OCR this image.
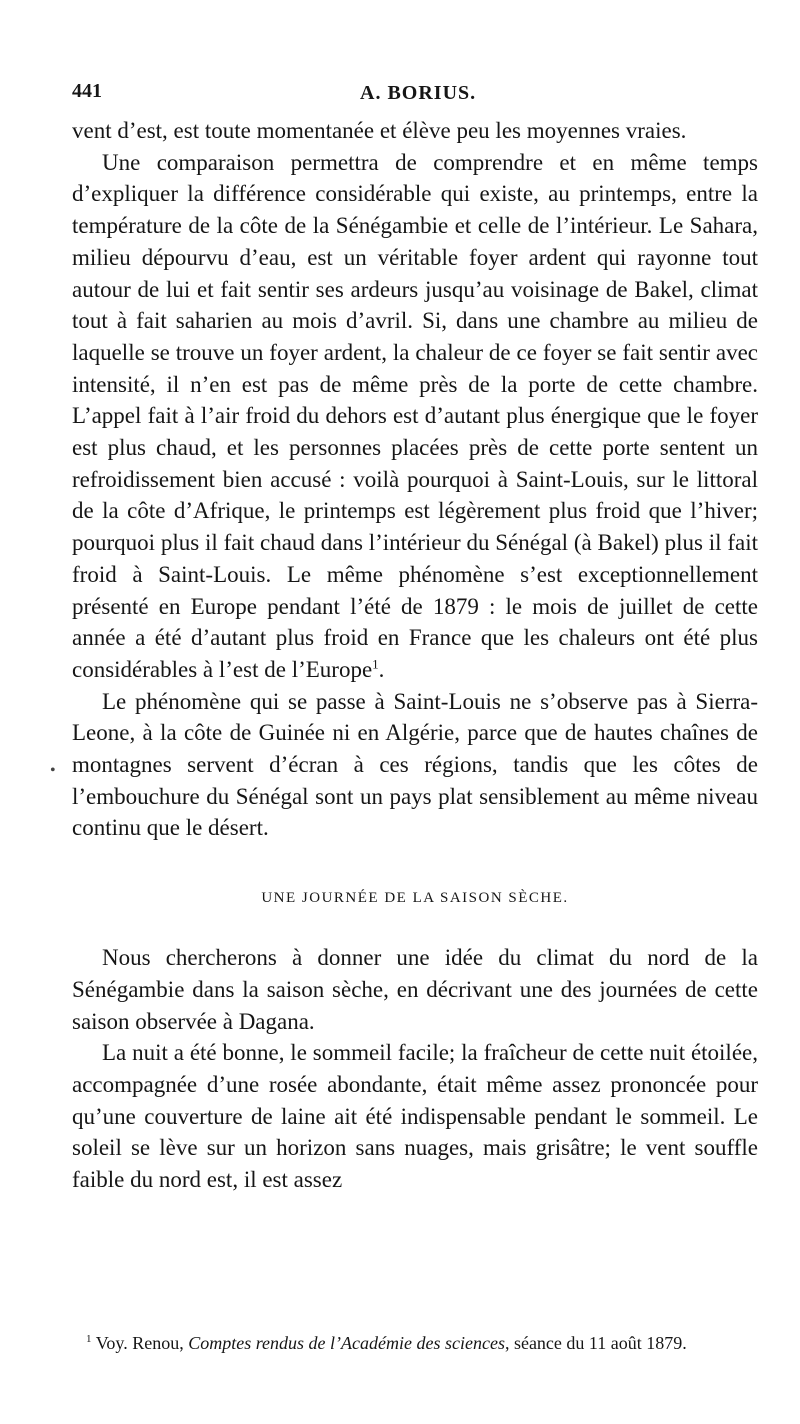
441	A. BORIUS.
•

vent d’est, est toute momentanée et élève peu les moyennes vraies.

Une comparaison permettra de comprendre et en même temps d’expliquer la différence considérable qui existe, au printemps, entre la température de la côte de la Sénégambie et celle de l’intérieur. Le Sahara, milieu dépourvu d’eau, est un véritable foyer ardent qui rayonne tout autour de lui et fait sentir ses ardeurs jusqu’au voisinage de Bakel, climat tout à fait saharien au mois d’avril. Si, dans une chambre au milieu de laquelle se trouve un foyer ardent, la chaleur de ce foyer se fait sentir avec intensité, il n’en est pas de même près de la porte de cette chambre. L’appel fait à l’air froid du dehors est d’autant plus énergique que le foyer est plus chaud, et les personnes placées près de cette porte sentent un refroidissement bien accusé : voilà pourquoi à Saint-Louis, sur le littoral de la côte d’Afrique, le printemps est légèrement plus froid que l’hiver; pourquoi plus il fait chaud dans l’intérieur du Sénégal (à Bakel) plus il fait froid à Saint-Louis. Le même phénomène s’est exceptionnellement présenté en Europe pendant l’été de 1879 : le mois de juillet de cette année a été d’autant plus froid en France que les chaleurs ont été plus considérables à l’est de l’Europe$^1$.

Le phénomène qui se passe à Saint-Louis ne s’observe pas à Sierra-Leone, à la côte de Guinée ni en Algérie, parce que de hautes chaînes de montagnes servent d’écran à ces régions, tandis que les côtes de l’embouchure du Sénégal sont un pays plat sensiblement au même niveau continu que le désert.

UNE JOURNÉE DE LA SAISON SÈCHE.

Nous chercherons à donner une idée du climat du nord de la Sénégambie dans la saison sèche, en décrivant une des journées de cette saison observée à Dagana.

La nuit a été bonne, le sommeil facile; la fraîcheur de cette nuit étoilée, accompagnée d’une rosée abondante, était même assez prononcée pour qu’une couverture de laine ait été indispensable pendant le sommeil. Le soleil se lève sur un horizon sans nuages, mais grisâtre; le vent souffle faible du nord est, il est assez

$^1$ Voy. Renou, Comptes rendus de l’Académie des sciences, séance du 11 août 1879.
